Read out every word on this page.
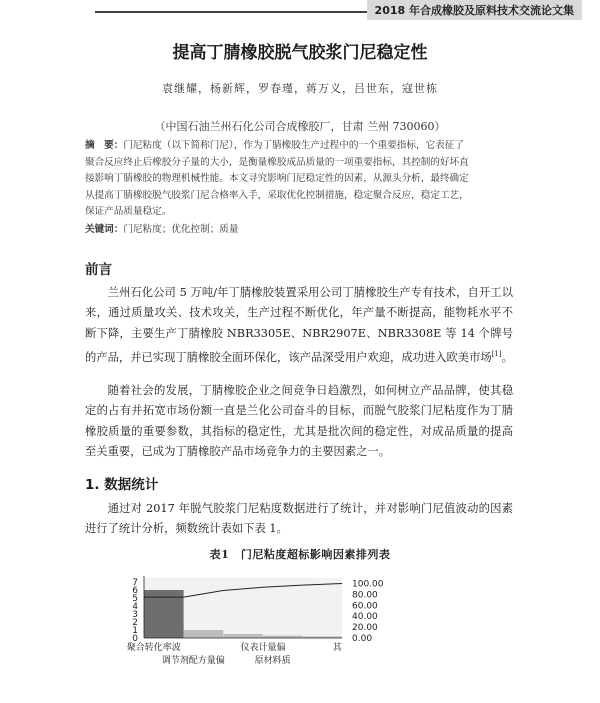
2018 年合成橡胶及原料技术交流论文集
提高丁腈橡胶脱气胶浆门尼稳定性
袁继耀，杨新辉，罗春瑾，蒋万义，吕世东，寇世栋
（中国石油兰州石化公司合成橡胶厂，甘肃 兰州 730060）
摘　要：门尼粘度（以下简称门尼），作为丁腈橡胶生产过程中的一个重要指标，它表征了
聚合反应终止后橡胶分子量的大小，是衡量橡胶成品质量的一项重要指标，其控制的好坏直
接影响丁腈橡胶的物理机械性能。本文寻究影响门尼稳定性的因素，从源头分析，最终确定
从提高丁腈橡胶脱气胶浆门尼合格率入手，采取优化控制措施，稳定聚合反应，稳定工艺，
保证产品质量稳定。
关键词：门尼粘度；优化控制；质量
前言
兰州石化公司 5 万吨/年丁腈橡胶装置采用公司丁腈橡胶生产专有技术，自开工以来，通过质量攻关、技术攻关，生产过程不断优化，年产量不断提高，能物耗水平不断下降，主要生产丁腈橡胶 NBR3305E、NBR2907E、NBR3308E 等 14 个牌号的产品，并已实现丁腈橡胶全面环保化，该产品深受用户欢迎，成功进入欧美市场[1]。
随着社会的发展，丁腈橡胶企业之间竞争日趋激烈，如何树立产品品牌，使其稳定的占有并拓宽市场份额一直是兰化公司奋斗的目标，而脱气胶浆门尼粘度作为丁腈橡胶质量的重要参数，其指标的稳定性，尤其是批次间的稳定性，对成品质量的提高至关重要，已成为丁腈橡胶产品市场竞争力的主要因素之一。
1. 数据统计
通过对 2017 年脱气胶浆门尼粘度数据进行了统计，并对影响门尼值波动的因素进行了统计分析，频数统计表如下表 1。
表1　门尼粘度超标影响因素排列表
0
1
2
3
4
5
6
7
0.00
20.00
40.00
60.00
80.00
100.00
聚合转化率波
调节剂配方量偏
仪表计量偏
原材料质
其
